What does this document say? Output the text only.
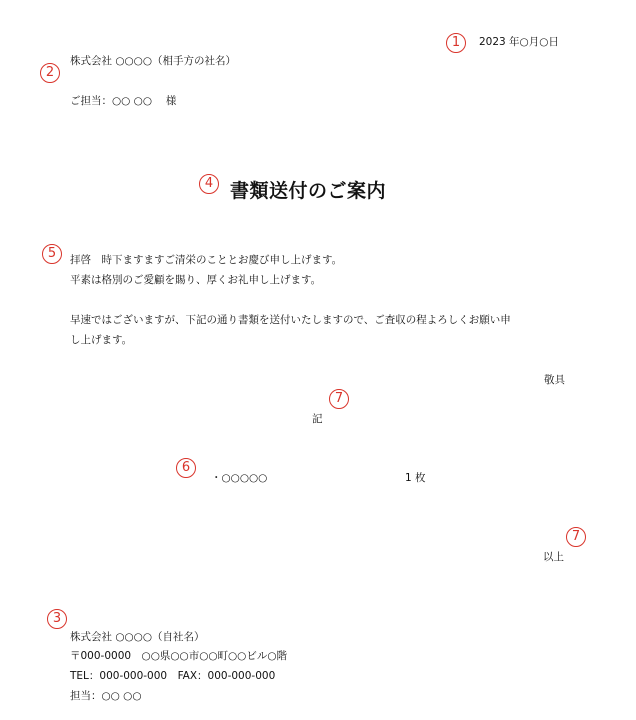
1
2
4
5
7
6
7
3
2023 年○月○日
株式会社 ○○○○（相手方の社名）
ご担当：○○ ○○　 様
書類送付のご案内
拝啓　時下ますますご清栄のこととお慶び申し上げます。
平素は格別のご愛顧を賜り、厚くお礼申し上げます。
早速ではございますが、下記の通り書類を送付いたしますので、ご査収の程よろしくお願い申
し上げます。
敬具
記
・○○○○○	1 枚
以上
株式会社 ○○○○（自社名）
〒000-0000　○○県○○市○○町○○ビル○階
TEL：000-000-000　FAX：000-000-000
担当：○○ ○○
